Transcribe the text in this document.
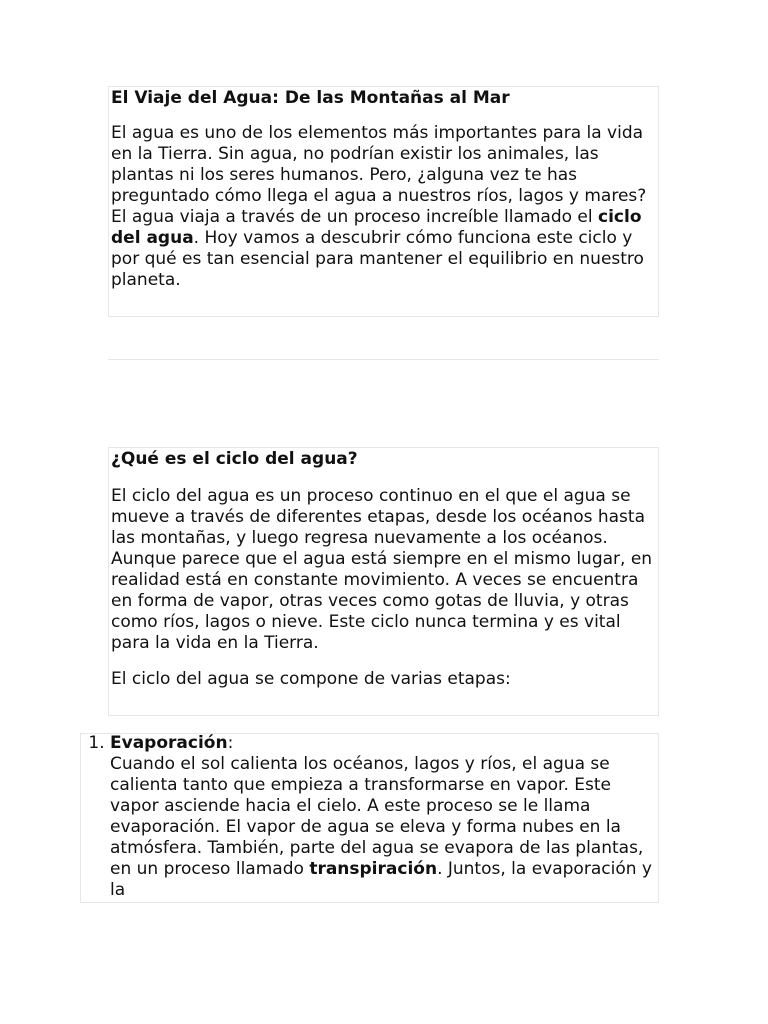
El Viaje del Agua: De las Montañas al Mar

El agua es uno de los elementos más importantes para la vida en la Tierra. Sin agua, no podrían existir los animales, las plantas ni los seres humanos. Pero, ¿alguna vez te has preguntado cómo llega el agua a nuestros ríos, lagos y mares? El agua viaja a través de un proceso increíble llamado el ciclo del agua. Hoy vamos a descubrir cómo funciona este ciclo y por qué es tan esencial para mantener el equilibrio en nuestro planeta.

¿Qué es el ciclo del agua?

El ciclo del agua es un proceso continuo en el que el agua se mueve a través de diferentes etapas, desde los océanos hasta las montañas, y luego regresa nuevamente a los océanos. Aunque parece que el agua está siempre en el mismo lugar, en realidad está en constante movimiento. A veces se encuentra en forma de vapor, otras veces como gotas de lluvia, y otras como ríos, lagos o nieve. Este ciclo nunca termina y es vital para la vida en la Tierra.

El ciclo del agua se compone de varias etapas:

1. Evaporación:
Cuando el sol calienta los océanos, lagos y ríos, el agua se calienta tanto que empieza a transformarse en vapor. Este vapor asciende hacia el cielo. A este proceso se le llama evaporación. El vapor de agua se eleva y forma nubes en la atmósfera. También, parte del agua se evapora de las plantas, en un proceso llamado transpiración. Juntos, la evaporación y la
